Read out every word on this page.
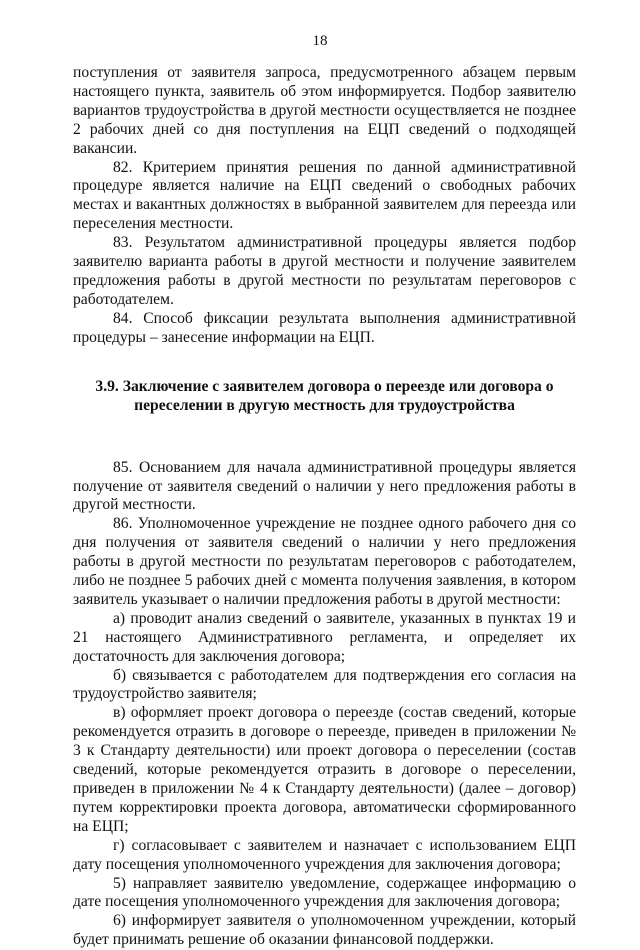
18

поступления от заявителя запроса, предусмотренного абзацем первым настоящего пункта, заявитель об этом информируется. Подбор заявителю вариантов трудоустройства в другой местности осуществляется не позднее 2 рабочих дней со дня поступления на ЕЦП сведений о подходящей вакансии.

82. Критерием принятия решения по данной административной процедуре является наличие на ЕЦП сведений о свободных рабочих местах и вакантных должностях в выбранной заявителем для переезда или переселения местности.

83. Результатом административной процедуры является подбор заявителю варианта работы в другой местности и получение заявителем предложения работы в другой местности по результатам переговоров с работодателем.

84. Способ фиксации результата выполнения административной процедуры – занесение информации на ЕЦП.

3.9. Заключение с заявителем договора о переезде или договора о переселении в другую местность для трудоустройства

85. Основанием для начала административной процедуры является получение от заявителя сведений о наличии у него предложения работы в другой местности.

86. Уполномоченное учреждение не позднее одного рабочего дня со дня получения от заявителя сведений о наличии у него предложения работы в другой местности по результатам переговоров с работодателем, либо не позднее 5 рабочих дней с момента получения заявления, в котором заявитель указывает о наличии предложения работы в другой местности:

а) проводит анализ сведений о заявителе, указанных в пунктах 19 и 21 настоящего Административного регламента, и определяет их достаточность для заключения договора;

б) связывается с работодателем для подтверждения его согласия на трудоустройство заявителя;

в) оформляет проект договора о переезде (состав сведений, которые рекомендуется отразить в договоре о переезде, приведен в приложении № 3 к Стандарту деятельности) или проект договора о переселении (состав сведений, которые рекомендуется отразить в договоре о переселении, приведен в приложении № 4 к Стандарту деятельности) (далее – договор) путем корректировки проекта договора, автоматически сформированного на ЕЦП;

г) согласовывает с заявителем и назначает с использованием ЕЦП дату посещения уполномоченного учреждения для заключения договора;

5) направляет заявителю уведомление, содержащее информацию о дате посещения уполномоченного учреждения для заключения договора;

6) информирует заявителя о уполномоченном учреждении, который будет принимать решение об оказании финансовой поддержки.
